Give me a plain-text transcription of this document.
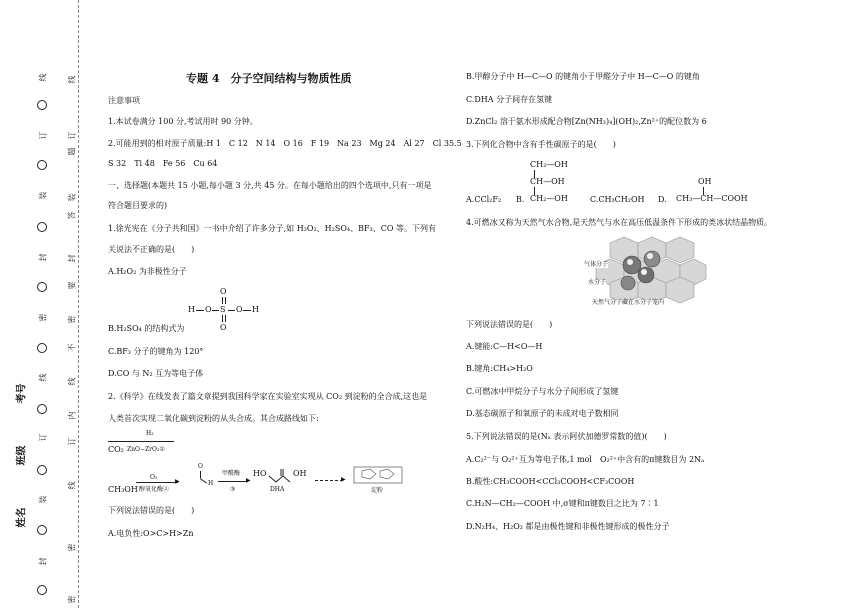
线
订
装
封
密
线
订
装
封
线
订
题
装
答
封
要
密
不
线
内
订
线
密
密
考号
班级
姓名
专题 4　分子空间结构与物质性质
注意事项
1.本试卷满分 100 分,考试用时 90 分钟。
2.可能用到的相对原子质量:H 1　C 12　N 14　O 16　F 19　Na 23　Mg 24　Al 27　Cl 35.5
S 32　Ti 48　Fe 56　Cu 64
一、选择题(本题共 15 小题,每小题 3 分,共 45 分。在每小题给出的四个选项中,只有一项是
符合题目要求的)
1.徐光宪在《分子共和国》一书中介绍了许多分子,如 H₂O₂、H₂SO₄、BF₃、CO 等。下列有
关说法不正确的是(　　)
A.H₂O₂ 为非极性分子
O
H O S O H
O
B.H₂SO₄ 的结构式为
C.BF₃ 分子的键角为 120°
D.CO 与 N₂ 互为等电子体
2.《科学》在线发表了篇文章提到我国科学家在实验室实现从 CO₂ 到淀粉的全合成,这也是
人类首次实现二氧化碳到淀粉的从头合成。其合成路线如下:
H₂
CO₂ ZnO−ZrO₂①
O₂
▶
CH₃OH 醇氧化酶②
O
H
甲酰酶
▶
③
HO	OH
DHA
▶
淀粉
下列说法错误的是(　　)
A.电负性:O>C>H>Zn
B.甲醇分子中 H—C—O 的键角小于甲醛分子中 H—C—O 的键角
C.DHA 分子间存在氢键
D.ZnCl₂ 溶于氨水形成配合物[Zn(NH₃)₄](OH)₂,Zn²⁺的配位数为 6
3.下列化合物中含有手性碳原子的是(　　)
CH₂—OH
CH—OH
CH₂—OH
OH
CH₃—CH—COOH
A.CCl₂F₂ B.	C.CH₃CH₂OH D.
4.可燃冰又称为天然气水合物,是天然气与水在高压低温条件下形成的类冰状结晶物质。
气体分子
水分子
天然气分子藏在水分子笼内
下列说法错误的是(　　)
A.键能:C—H<O—H
B.键角:CH₄>H₂O
C.可燃冰中甲烷分子与水分子间形成了氢键
D.基态碳原子和氧原子的未成对电子数相同
5.下列说法错误的是(Nₐ 表示阿伏加德罗常数的值)(　　)
A.C₂²⁻与 O₂²⁺互为等电子体,1 mol　O₂²⁺中含有的π键数目为 2Nₐ
B.酸性:CH₃COOH<CCl₃COOH<CF₃COOH
C.H₂N—CH₂—COOH 中,σ键和π键数目之比为 7∶1
D.N₂H₄、H₂O₂ 都是由极性键和非极性键形成的极性分子
